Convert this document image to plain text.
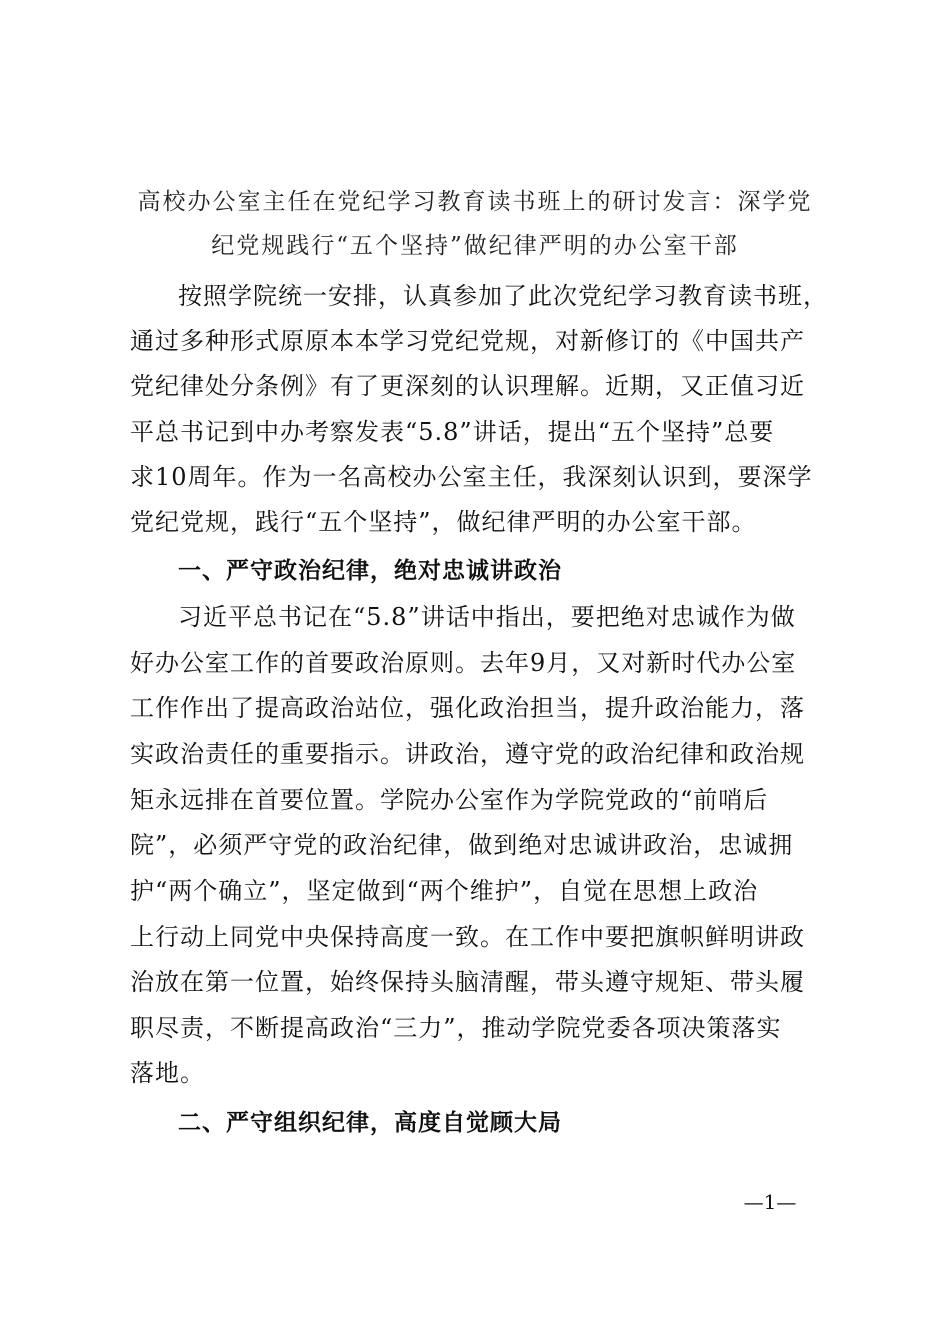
高校办公室主任在党纪学习教育读书班上的研讨发言：深学党
纪党规践行“五个坚持”做纪律严明的办公室干部
按照学院统一安排，认真参加了此次党纪学习教育读书班，
通过多种形式原原本本学习党纪党规，对新修订的《中国共产
党纪律处分条例》有了更深刻的认识理解。近期，又正值习近
平总书记到中办考察发表“5.8”讲话，提出“五个坚持”总要
求10周年。作为一名高校办公室主任，我深刻认识到，要深学
党纪党规，践行“五个坚持”，做纪律严明的办公室干部。
一、严守政治纪律，绝对忠诚讲政治
习近平总书记在“5.8”讲话中指出，要把绝对忠诚作为做
好办公室工作的首要政治原则。去年9月，又对新时代办公室
工作作出了提高政治站位，强化政治担当，提升政治能力，落
实政治责任的重要指示。讲政治，遵守党的政治纪律和政治规
矩永远排在首要位置。学院办公室作为学院党政的“前哨后
院”，必须严守党的政治纪律，做到绝对忠诚讲政治，忠诚拥
护“两个确立”，坚定做到“两个维护”，自觉在思想上政治
上行动上同党中央保持高度一致。在工作中要把旗帜鲜明讲政
治放在第一位置，始终保持头脑清醒，带头遵守规矩、带头履
职尽责，不断提高政治“三力”，推动学院党委各项决策落实
落地。
二、严守组织纪律，高度自觉顾大局
—1—
